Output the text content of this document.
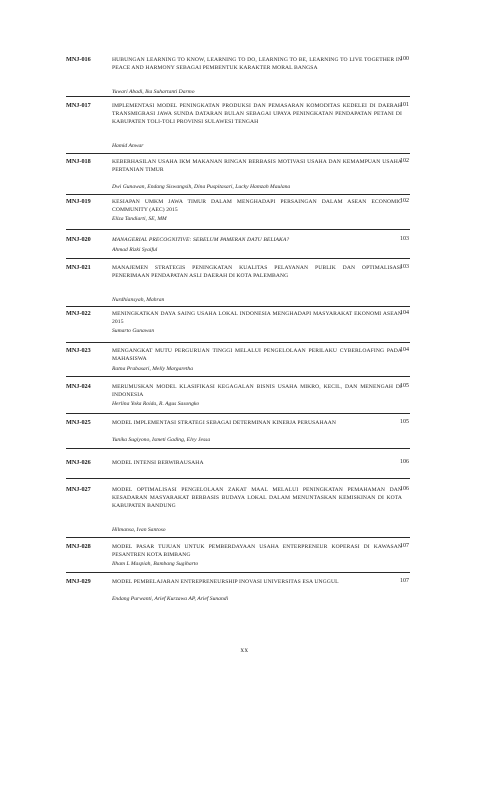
MNJ-016	HUBUNGAN LEARNING TO KNOW, LEARNING TO DO, LEARNING TO BE, LEARNING TO LIVE TOGETHER IN PEACE AND HARMONY SEBAGAI PEMBENTUK KARAKTER MORAL BANGSA
Yuwari Abadi, Ika Suhartanti Darmo
100
MNJ-017	IMPLEMENTASI MODEL PENINGKATAN PRODUKSI DAN PEMASARAN KOMODITAS KEDELEI DI DAERAH TRANSMIGRASI JAWA SUNDA DATARAN BULAN SEBAGAI UPAYA PENINGKATAN PENDAPATAN PETANI DI KABUPATEN TOLI-TOLI PROVINSI SULAWESI TENGAH
Hamid Anwar
101
MNJ-018	KEBERHASILAN USAHA IKM MAKANAN RINGAN BERBASIS MOTIVASI USAHA DAN KEMAMPUAN USAHA PERTANIAN TIMUR
Dwi Gunawan, Endang Siswangsih, Dina Puspitasari, Lucky Hamzah Maulana
102
MNJ-019	KESIAPAN UMKM JAWA TIMUR DALAM MENGHADAPI PERSAINGAN DALAM ASEAN ECONOMIC COMMUNITY (AEC) 2015
Eliza Tandiarti, SE, MM
102
MNJ-020	MANAGERIAL PRECOGNITIVE: SEBELUM PAMERAN DATU BELIAKA?
Ahmad Rizki Syaiful
103
MNJ-021	MANAJEMEN STRATEGIS PENINGKATAN KUALITAS PELAYANAN PUBLIK DAN OPTIMALISASI PENERIMAAN PENDAPATAN ASLI DAERAH DI KOTA PALEMBANG
Nurdhiansyah, Mahran
103
MNJ-022	MENINGKATKAN DAYA SAING USAHA LOKAL INDONESIA MENGHADAPI MASYARAKAT EKONOMI ASEAN 2015
Sumarto Gunawan
104
MNJ-023	MENGANGKAT MUTU PERGURUAN TINGGI MELALUI PENGELOLAAN PERILAKU CYBERLOAFING PADA MAHASISWA
Ratna Prabasari, Melly Margaretha
104
MNJ-024	MERUMUSKAN MODEL KLASIFIKASI KEGAGALAN BISNIS USAHA MIKRO, KECIL, DAN MENENGAH DI INDONESIA
Herlina Yoka Roida, R. Agus Sasongko
105
MNJ-025	MODEL IMPLEMENTASI STRATEGI SEBAGAI DETERMINAN KINERJA PERUSAHAAN
Yunika Sugiyono, Ismeti Gading, Elvy Jessa
105
MNJ-026	MODEL INTENSI BERWIRAUSAHA	106
MNJ-027	MODEL OPTIMALISASI PENGELOLAAN ZAKAT MAAL MELALUI PENINGKATAN PEMAHAMAN DAN KESADARAN MASYARAKAT BERBASIS BUDAYA LOKAL DALAM MENUNTASKAN KEMISKINAN DI KOTA KABUPATEN BANDUNG
Hilmansa, Ivan Santoso
106
MNJ-028	MODEL PASAR TUJUAN UNTUK PEMBERDAYAAN USAHA ENTERPRENEUR KOPERASI DI KAWASAN PESANTREN KOTA BIMBANG
Ilham L Maspiah, Bambang Sugiharto
107
MNJ-029	MODEL PEMBELAJARAN ENTREPRENEURSHIP INOVASI UNIVERSITAS ESA UNGGUL
Endang Purwanti, Arief Kurzawa AP, Arief Sunandi
107
xx
